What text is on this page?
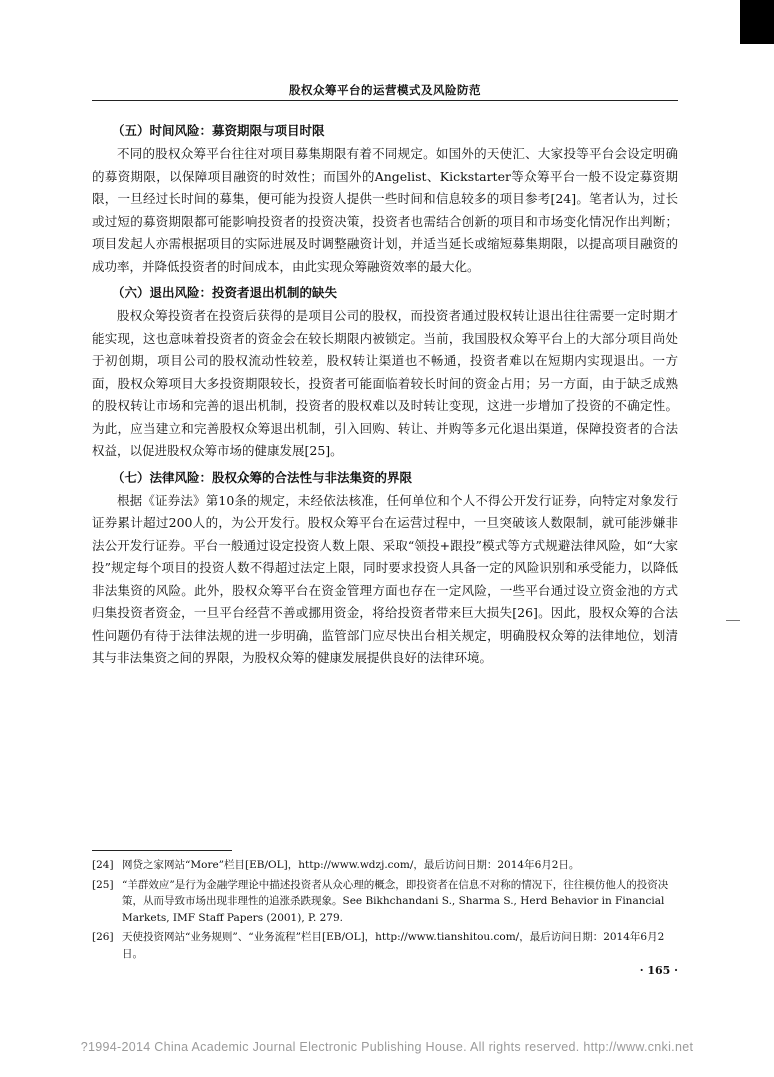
股权众筹平台的运营模式及风险防范
（五）时间风险：募资期限与项目时限

不同的股权众筹平台往往对项目募集期限有着不同规定。如国外的天使汇、大家投等平台会设定明确的募资期限，以保障项目融资的时效性；而国外的Angelist、Kickstarter等众筹平台一般不设定募资期限，一旦经过长时间的募集，便可能为投资人提供一些时间和信息较多的项目参考[24]。笔者认为，过长或过短的募资期限都可能影响投资者的投资决策，投资者也需结合创新的项目和市场变化情况作出判断；项目发起人亦需根据项目的实际进展及时调整融资计划，并适当延长或缩短募集期限，以提高项目融资的成功率，并降低投资者的时间成本，由此实现众筹融资效率的最大化。

（六）退出风险：投资者退出机制的缺失

股权众筹投资者在投资后获得的是项目公司的股权，而投资者通过股权转让退出往往需要一定时期才能实现，这也意味着投资者的资金会在较长期限内被锁定。当前，我国股权众筹平台上的大部分项目尚处于初创期，项目公司的股权流动性较差，股权转让渠道也不畅通，投资者难以在短期内实现退出。一方面，股权众筹项目大多投资期限较长，投资者可能面临着较长时间的资金占用；另一方面，由于缺乏成熟的股权转让市场和完善的退出机制，投资者的股权难以及时转让变现，这进一步增加了投资的不确定性。为此，应当建立和完善股权众筹退出机制，引入回购、转让、并购等多元化退出渠道，保障投资者的合法权益，以促进股权众筹市场的健康发展[25]。

（七）法律风险：股权众筹的合法性与非法集资的界限

根据《证券法》第10条的规定，未经依法核准，任何单位和个人不得公开发行证券，向特定对象发行证券累计超过200人的，为公开发行。股权众筹平台在运营过程中，一旦突破该人数限制，就可能涉嫌非法公开发行证券。平台一般通过设定投资人数上限、采取“领投+跟投”模式等方式规避法律风险，如“大家投”规定每个项目的投资人数不得超过法定上限，同时要求投资人具备一定的风险识别和承受能力，以降低非法集资的风险。此外，股权众筹平台在资金管理方面也存在一定风险，一些平台通过设立资金池的方式归集投资者资金，一旦平台经营不善或挪用资金，将给投资者带来巨大损失[26]。因此，股权众筹的合法性问题仍有待于法律法规的进一步明确，监管部门应尽快出台相关规定，明确股权众筹的法律地位，划清其与非法集资之间的界限，为股权众筹的健康发展提供良好的法律环境。

[24] 网贷之家网站“More”栏目[EB/OL]，http://www.wdzj.com/，最后访问日期：2014年6月2日。
[25] “羊群效应”是行为金融学理论中描述投资者从众心理的概念，即投资者在信息不对称的情况下，往往模仿他人的投资决策，从而导致市场出现非理性的追涨杀跌现象。See Bikhchandani S., Sharma S., Herd Behavior in Financial Markets, IMF Staff Papers (2001), P. 279.
[26] 天使投资网站“业务规则”、“业务流程”栏目[EB/OL]，http://www.tianshitou.com/，最后访问日期：2014年6月2日。
· 165 ·
?1994-2014 China Academic Journal Electronic Publishing House. All rights reserved. http://www.cnki.net
